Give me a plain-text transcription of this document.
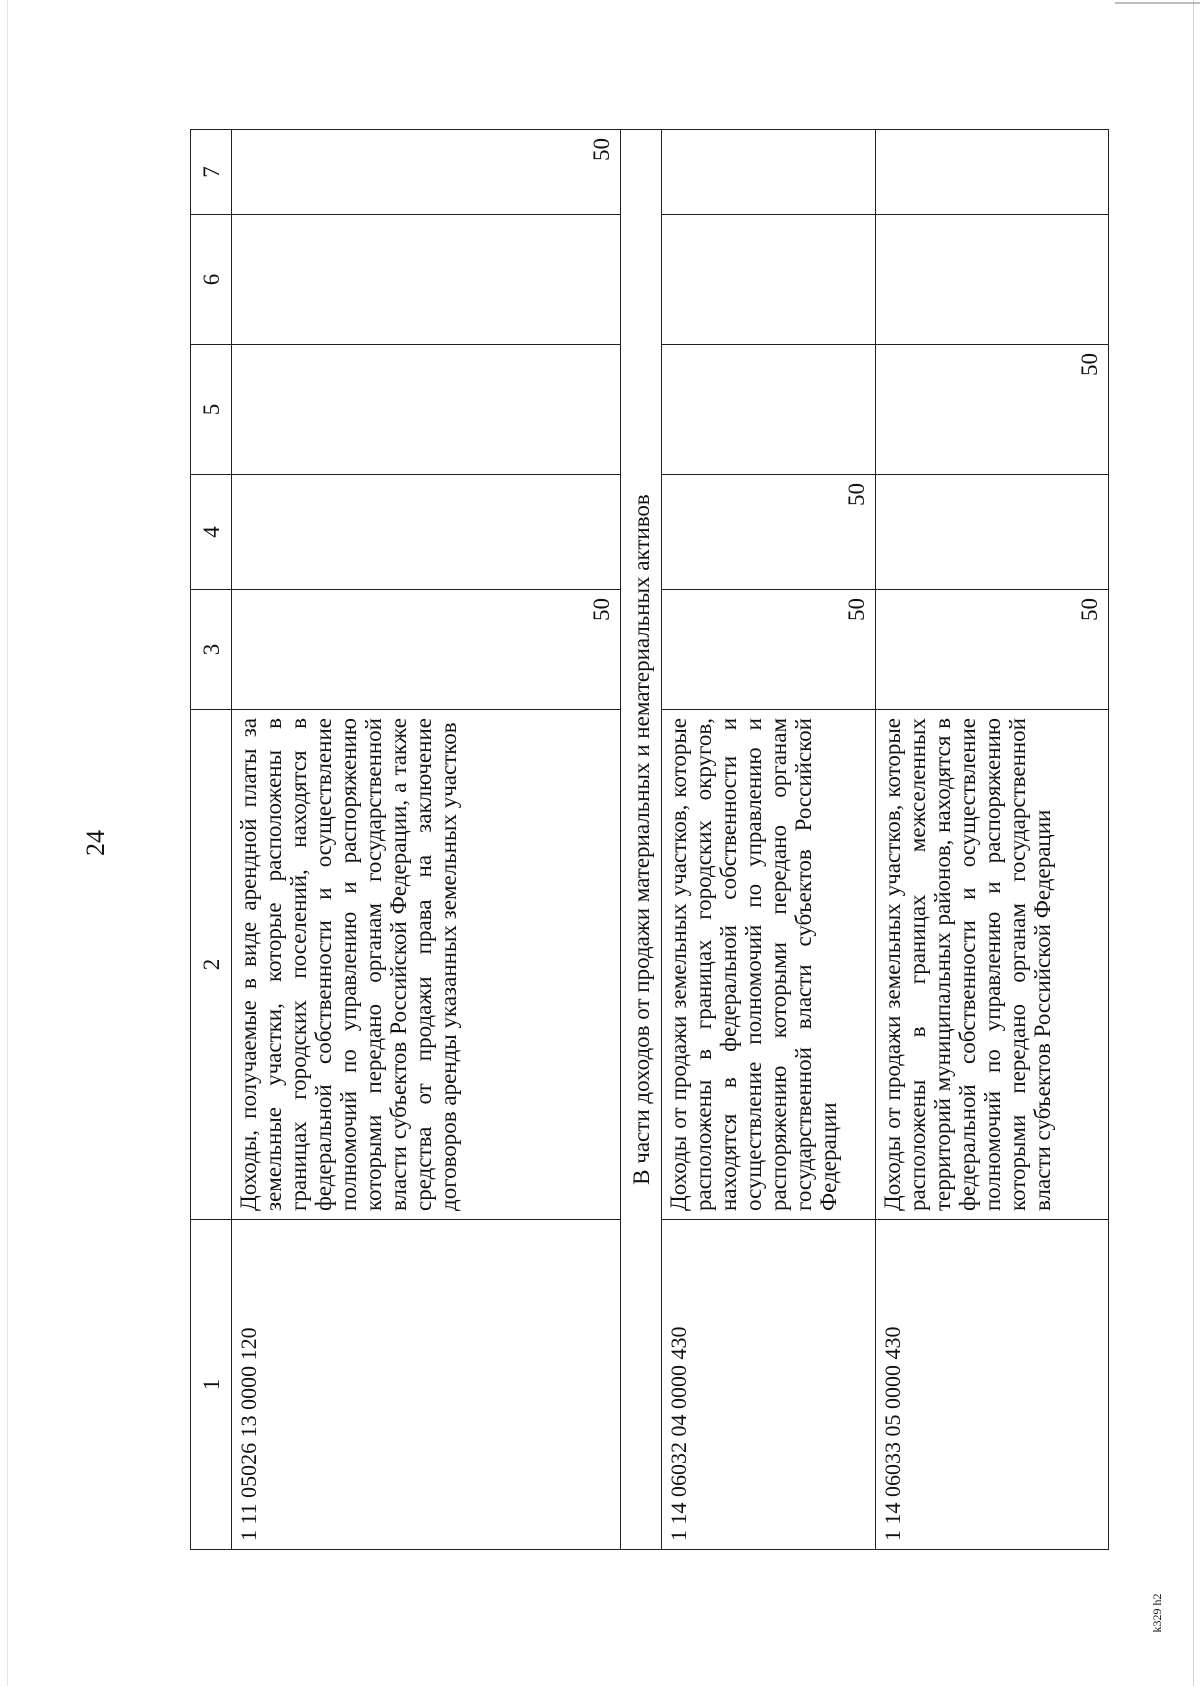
24
1	2	3	4	5	6	7
1 11 05026 13 0000 120	Доходы, получаемые в виде арендной платы за земельные участки, которые расположены в границах городских поселений, находятся в федеральной собственности и осуществление полномочий по управлению и распоряжению которыми передано органам государственной власти субъектов Российской Федерации, а также средства от продажи права на заключение договоров аренды указанных земельных участков	50				50
В части доходов от продажи материальных и нематериальных активов						
1 14 06032 04 0000 430	Доходы от продажи земельных участков, которые расположены в границах городских округов, находятся в федеральной собственности и осуществление полномочий по управлению и распоряжению которыми передано органам государственной власти субъектов Российской Федерации	50	50			
1 14 06033 05 0000 430	Доходы от продажи земельных участков, которые расположены в границах межселенных территорий муниципальных районов, находятся в федеральной собственности и осуществление полномочий по управлению и распоряжению которыми передано органам государственной власти субъектов Российской Федерации	50		50		
k329 h2
